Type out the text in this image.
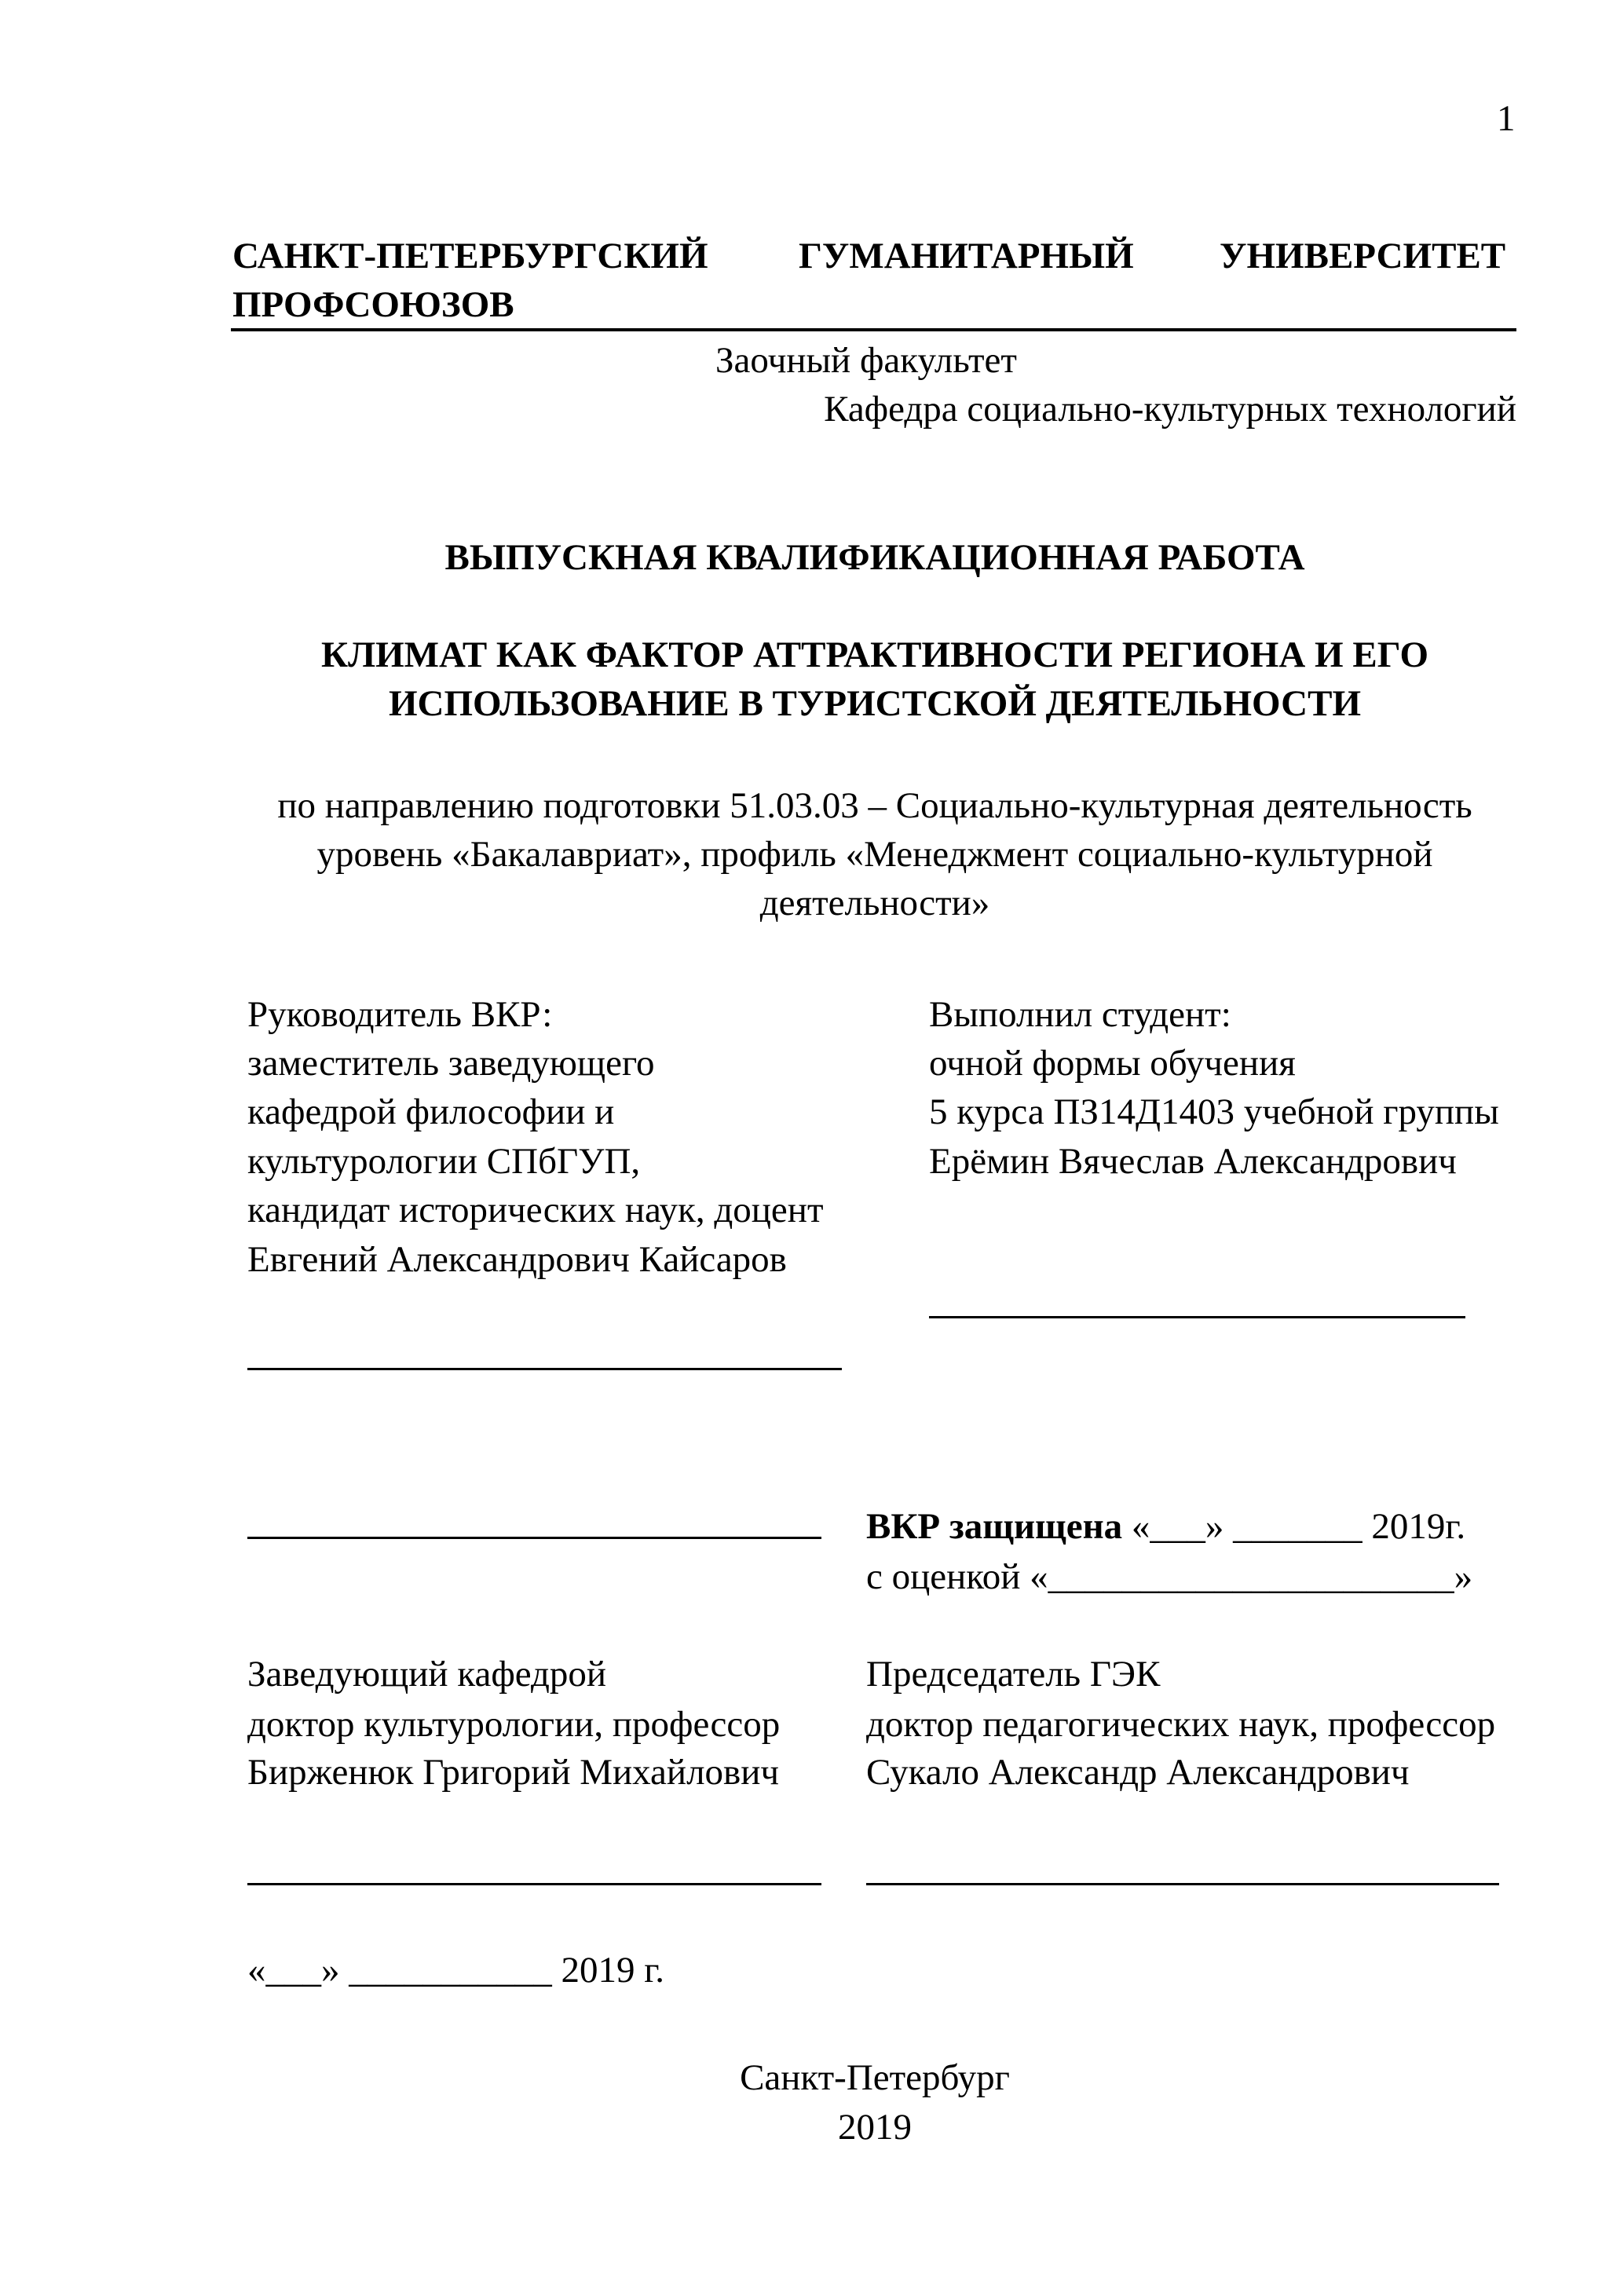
1
САНКТ-ПЕТЕРБУРГСКИЙ ГУМАНИТАРНЫЙ УНИВЕРСИТЕТ
ПРОФСОЮЗОВ
Заочный факультет
Кафедра социально-культурных технологий
ВЫПУСКНАЯ КВАЛИФИКАЦИОННАЯ РАБОТА
КЛИМАТ КАК ФАКТОР АТТРАКТИВНОСТИ РЕГИОНА И ЕГО
ИСПОЛЬЗОВАНИЕ В ТУРИСТСКОЙ ДЕЯТЕЛЬНОСТИ
по направлению подготовки 51.03.03 – Социально-культурная деятельность
уровень «Бакалавриат», профиль «Менеджмент социально-культурной
деятельности»
Руководитель ВКР:
заместитель заведующего
кафедрой философии и
культурологии СПбГУП,
кандидат исторических наук, доцент
Евгений Александрович Кайсаров
Выполнил студент:
очной формы обучения
5 курса ПЗ14Д1403 учебной группы
Ерёмин Вячеслав Александрович
ВКР защищена «___» _______ 2019г.
с оценкой «______________________»
Заведующий кафедрой
доктор культурологии, профессор
Бирженюк Григорий Михайлович
Председатель ГЭК
доктор педагогических наук, профессор
Сукало Александр Александрович
«___» ___________ 2019 г.
Санкт-Петербург
2019
